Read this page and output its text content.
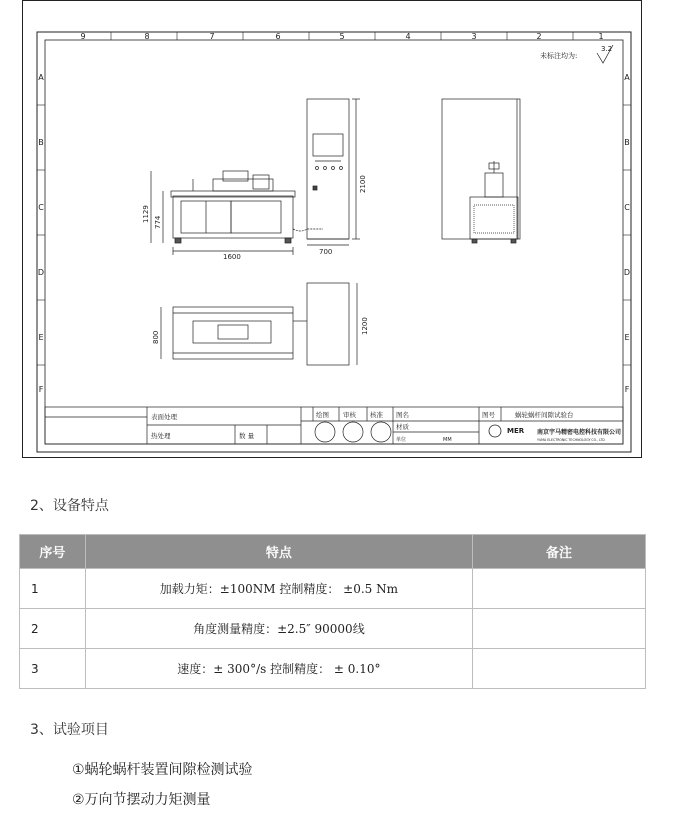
9	8	7	6	5	4	3	2	1
A
B
C
D
E
F
A
B
C
D
E
F
未标注均为:
3.2
1600
1129 774
700
2100
800
1200
表面处理
热处理	数 量
绘图 审核 核准 图名
材质
图号	蜗轮蜗杆间隙试验台
单位	MM
MER 南京宇马精密电控科技有限公司
YUMA ELECTRONIC TECHNOLOGY CO., LTD
2、设备特点
序号	特点	备注
1	加载力矩：±100NM 控制精度： ±0.5 Nm	
2	角度测量精度：±2.5″ 90000线	
3	速度：± 300°/s 控制精度： ± 0.10°	
3、试验项目
①蜗轮蜗杆装置间隙检测试验
②万向节摆动力矩测量
